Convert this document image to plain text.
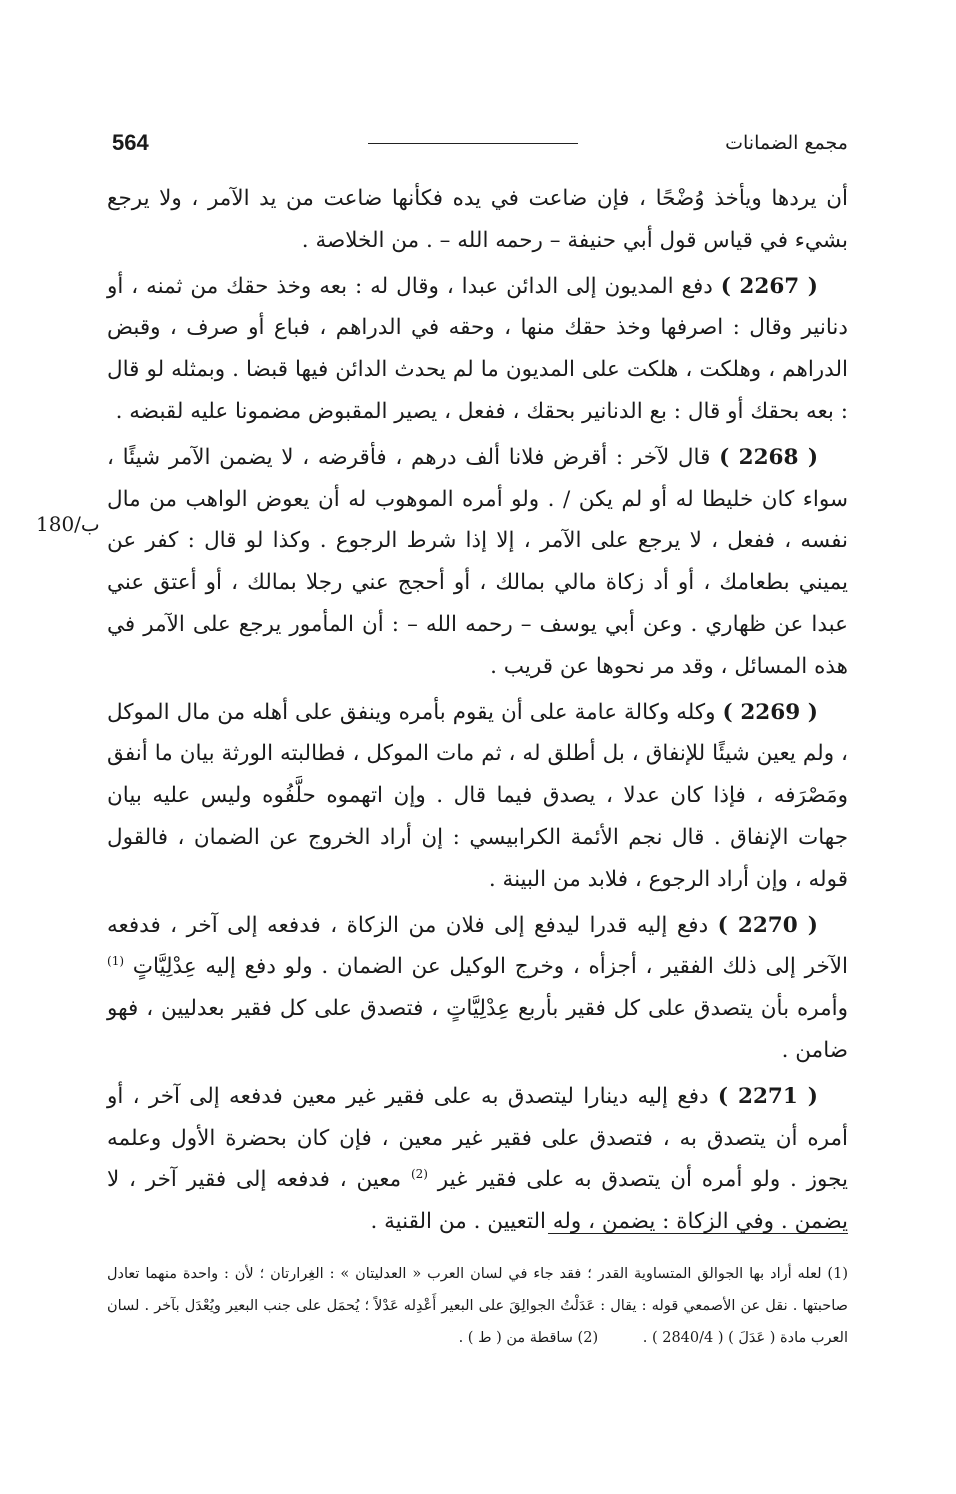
564	مجمع الضمانات
180/ب

أن يردها ويأخذ وُضْحًا ، فإن ضاعت في يده فكأنها ضاعت من يد الآمر ، ولا يرجع بشيء في قياس قول أبي حنيفة – رحمه الله – . من الخلاصة .

( 2267 ) دفع المديون إلى الدائن عبدا ، وقال له : بعه وخذ حقك من ثمنه ، أو دنانير وقال : اصرفها وخذ حقك منها ، وحقه في الدراهم ، فباع أو صرف ، وقبض الدراهم ، وهلكت ، هلكت على المديون ما لم يحدث الدائن فيها قبضا . وبمثله لو قال : بعه بحقك أو قال : بع الدنانير بحقك ، ففعل ، يصير المقبوض مضمونا عليه لقبضه .

( 2268 ) قال لآخر : أقرض فلانا ألف درهم ، فأقرضه ، لا يضمن الآمر شيئًا ، سواء كان خليطا له أو لم يكن / . ولو أمره الموهوب له أن يعوض الواهب من مال نفسه ، ففعل ، لا يرجع على الآمر ، إلا إذا شرط الرجوع . وكذا لو قال : كفر عن يميني بطعامك ، أو أد زكاة مالي بمالك ، أو أحجج عني رجلا بمالك ، أو أعتق عني عبدا عن ظهاري . وعن أبي يوسف – رحمه الله – : أن المأمور يرجع على الآمر في هذه المسائل ، وقد مر نحوها عن قريب .

( 2269 ) وكله وكالة عامة على أن يقوم بأمره وينفق على أهله من مال الموكل ، ولم يعين شيئًا للإنفاق ، بل أطلق له ، ثم مات الموكل ، فطالبته الورثة بيان ما أنفق ومَصْرَفه ، فإذا كان عدلا ، يصدق فيما قال . وإن اتهموه حلَّفُوه وليس عليه بيان جهات الإنفاق . قال نجم الأئمة الكرابيسي : إن أراد الخروج عن الضمان ، فالقول قوله ، وإن أراد الرجوع ، فلابد من البينة .

( 2270 ) دفع إليه قدرا ليدفع إلى فلان من الزكاة ، فدفعه إلى آخر ، فدفعه الآخر إلى ذلك الفقير ، أجزأه ، وخرج الوكيل عن الضمان . ولو دفع إليه عِدْلِيَّاتٍ $^{(1)}$ وأمره بأن يتصدق على كل فقير بأربع عِدْلِيَّاتٍ ، فتصدق على كل فقير بعدليين ، فهو ضامن .

( 2271 ) دفع إليه دينارا ليتصدق به على فقير غير معين فدفعه إلى آخر ، أو أمره أن يتصدق به ، فتصدق على فقير غير معين ، فإن كان بحضرة الأول وعلمه يجوز . ولو أمره أن يتصدق به على فقير غير $^{(2)}$ معين ، فدفعه إلى فقير آخر ، لا يضمن . وفي الزكاة : يضمن ، وله التعيين . من القنية .

(1) لعله أراد بها الجوالق المتساوية القدر ؛ فقد جاء في لسان العرب « العدليتان » : الغِرارتان ؛ لأن : واحدة منهما تعادل صاحبتها . نقل عن الأصمعي قوله : يقال : عَدَلْتُ الجوالِقَ على البعير أَعْدِله عَدْلاً ؛ يُحمَل على جنب البعير ويُعْدَل بآخر . لسان العرب مادة ( عَدَلَ ) ( 2840/4 ) . (2) ساقطة من ( ط ) .
